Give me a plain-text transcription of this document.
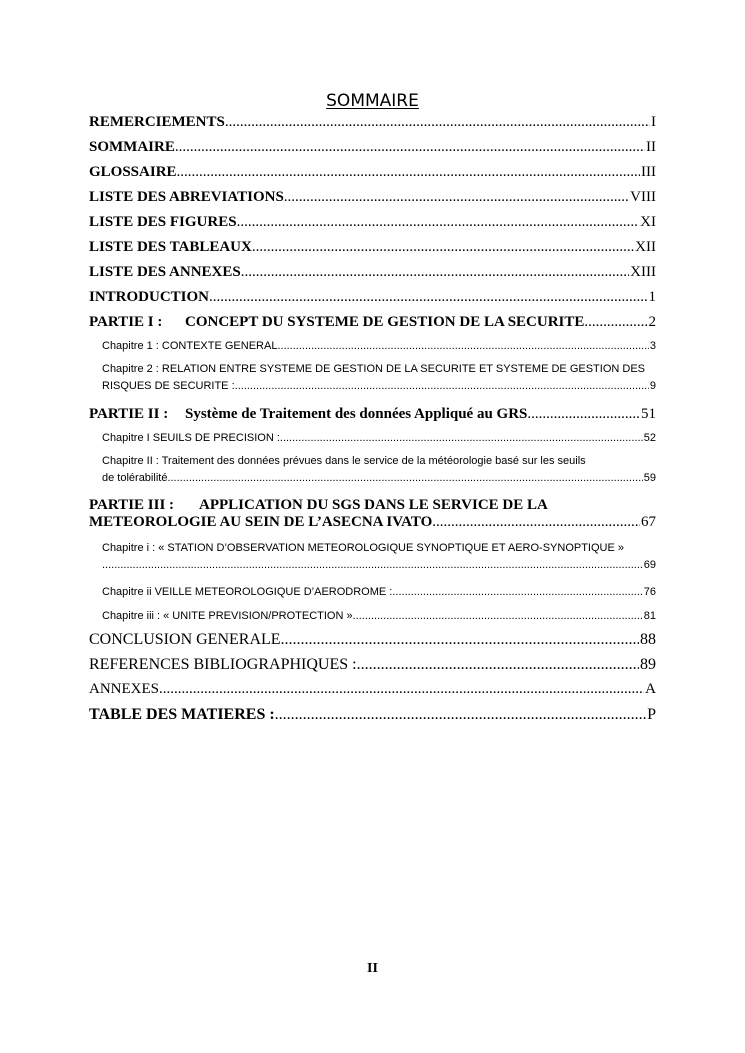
SOMMAIRE
REMERCIEMENTS .....	I
SOMMAIRE .....	II
GLOSSAIRE .....	III
LISTE DES ABREVIATIONS .....	VIII
LISTE DES FIGURES .....	XI
LISTE DES TABLEAUX .....	XII
LISTE DES ANNEXES .....	XIII
INTRODUCTION .....	1
PARTIE I : CONCEPT DU SYSTEME DE GESTION DE LA SECURITE .....	2
Chapitre 1 : CONTEXTE GENERAL .....	3
Chapitre 2 : RELATION ENTRE SYSTEME DE GESTION DE LA SECURITE ET SYSTEME DE GESTION DES
RISQUES DE SECURITE : .....	9
PARTIE II : Système de Traitement des données Appliqué au GRS .....	51
Chapitre I SEUILS DE PRECISION : .....	52
Chapitre II : Traitement des données prévues dans le service de la météorologie basé sur les seuils
de tolérabilité .....	59
PARTIE III : APPLICATION DU SGS DANS LE SERVICE DE LA
METEOROLOGIE AU SEIN DE L’ASECNA IVATO .....	67
Chapitre i : « STATION D’OBSERVATION METEOROLOGIQUE SYNOPTIQUE ET AERO-SYNOPTIQUE »
.....
69
Chapitre ii VEILLE METEOROLOGIQUE D’AERODROME : .....	76
Chapitre iii : « UNITE PREVISION/PROTECTION » .....	81
CONCLUSION GENERALE .....	88
REFERENCES BIBLIOGRAPHIQUES : .....	89
ANNEXES .....	A
TABLE DES MATIERES : .....	P
II
